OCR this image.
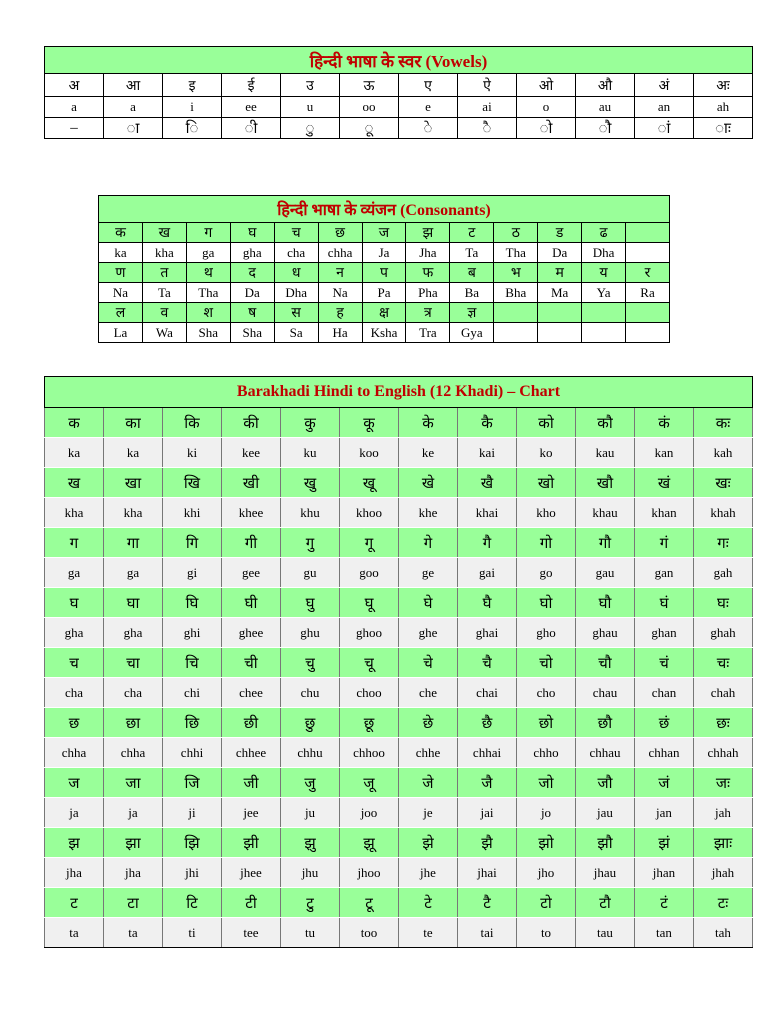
हिन्दी भाषा के स्वर (Vowels)											
अ	आ	इ	ई	उ	ऊ	ए	ऐ	ओ	औ	अं	अः
a	a	i	ee	u	oo	e	ai	o	au	an	ah
–	ा	ि	ी	ु	ू	े	ै	ो	ौ	ां	ाः
हिन्दी भाषा के व्यंजन (Consonants)												
क	ख	ग	घ	च	छ	ज	झ	ट	ठ	ड	ढ	
ka	kha	ga	gha	cha	chha	Ja	Jha	Ta	Tha	Da	Dha	
ण	त	थ	द	ध	न	प	फ	ब	भ	म	य	र
Na	Ta	Tha	Da	Dha	Na	Pa	Pha	Ba	Bha	Ma	Ya	Ra
ल	व	श	ष	स	ह	क्ष	त्र	ज्ञ				
La	Wa	Sha	Sha	Sa	Ha	Ksha	Tra	Gya				
Barakhadi Hindi to English (12 Khadi) – Chart											
क	का	कि	की	कु	कू	के	कै	को	कौ	कं	कः
ka	ka	ki	kee	ku	koo	ke	kai	ko	kau	kan	kah
ख	खा	खि	खी	खु	खू	खे	खै	खो	खौ	खं	खः
kha	kha	khi	khee	khu	khoo	khe	khai	kho	khau	khan	khah
ग	गा	गि	गी	गु	गू	गे	गै	गो	गौ	गं	गः
ga	ga	gi	gee	gu	goo	ge	gai	go	gau	gan	gah
घ	घा	घि	घी	घु	घू	घे	घै	घो	घौ	घं	घः
gha	gha	ghi	ghee	ghu	ghoo	ghe	ghai	gho	ghau	ghan	ghah
च	चा	चि	ची	चु	चू	चे	चै	चो	चौ	चं	चः
cha	cha	chi	chee	chu	choo	che	chai	cho	chau	chan	chah
छ	छा	छि	छी	छु	छू	छे	छै	छो	छौ	छं	छः
chha	chha	chhi	chhee	chhu	chhoo	chhe	chhai	chho	chhau	chhan	chhah
ज	जा	जि	जी	जु	जू	जे	जै	जो	जौ	जं	जः
ja	ja	ji	jee	ju	joo	je	jai	jo	jau	jan	jah
झ	झा	झि	झी	झु	झू	झे	झै	झो	झौ	झं	झाः
jha	jha	jhi	jhee	jhu	jhoo	jhe	jhai	jho	jhau	jhan	jhah
ट	टा	टि	टी	टु	टू	टे	टै	टो	टौ	टं	टः
ta	ta	ti	tee	tu	too	te	tai	to	tau	tan	tah
